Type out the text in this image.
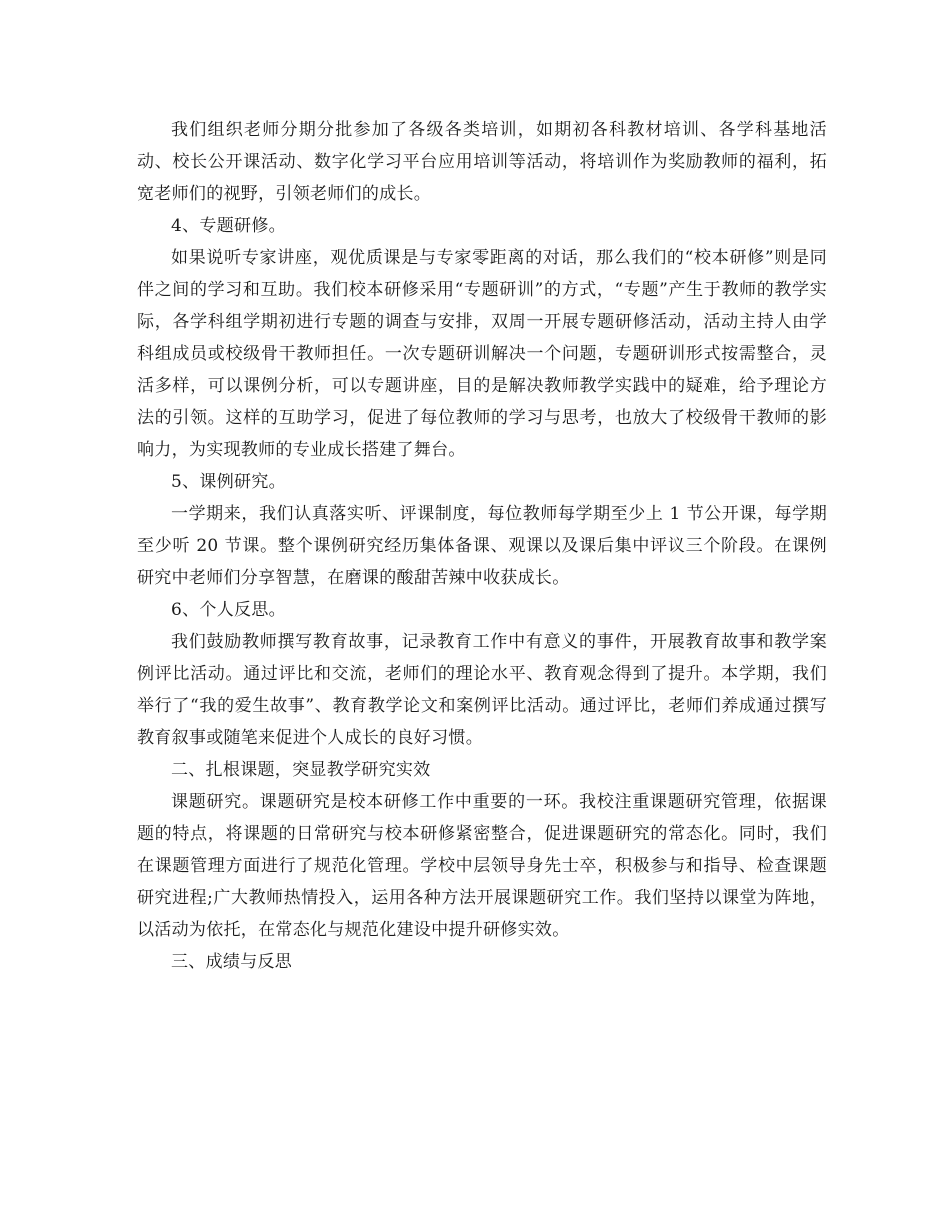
我们组织老师分期分批参加了各级各类培训，如期初各科教材培训、各学科基地活动、校长公开课活动、数字化学习平台应用培训等活动，将培训作为奖励教师的福利，拓宽老师们的视野，引领老师们的成长。

4、专题研修。

如果说听专家讲座，观优质课是与专家零距离的对话，那么我们的“校本研修”则是同伴之间的学习和互助。我们校本研修采用“专题研训”的方式，“专题”产生于教师的教学实际，各学科组学期初进行专题的调查与安排，双周一开展专题研修活动，活动主持人由学科组成员或校级骨干教师担任。一次专题研训解决一个问题，专题研训形式按需整合，灵活多样，可以课例分析，可以专题讲座，目的是解决教师教学实践中的疑难，给予理论方法的引领。这样的互助学习，促进了每位教师的学习与思考，也放大了校级骨干教师的影响力，为实现教师的专业成长搭建了舞台。

5、课例研究。

一学期来，我们认真落实听、评课制度，每位教师每学期至少上 1 节公开课，每学期至少听 20 节课。整个课例研究经历集体备课、观课以及课后集中评议三个阶段。在课例研究中老师们分享智慧，在磨课的酸甜苦辣中收获成长。

6、个人反思。

我们鼓励教师撰写教育故事，记录教育工作中有意义的事件，开展教育故事和教学案例评比活动。通过评比和交流，老师们的理论水平、教育观念得到了提升。本学期，我们举行了“我的爱生故事”、教育教学论文和案例评比活动。通过评比，老师们养成通过撰写教育叙事或随笔来促进个人成长的良好习惯。

二、扎根课题，突显教学研究实效

课题研究。课题研究是校本研修工作中重要的一环。我校注重课题研究管理，依据课题的特点，将课题的日常研究与校本研修紧密整合，促进课题研究的常态化。同时，我们在课题管理方面进行了规范化管理。学校中层领导身先士卒，积极参与和指导、检查课题研究进程;广大教师热情投入，运用各种方法开展课题研究工作。我们坚持以课堂为阵地，以活动为依托，在常态化与规范化建设中提升研修实效。

三、成绩与反思
